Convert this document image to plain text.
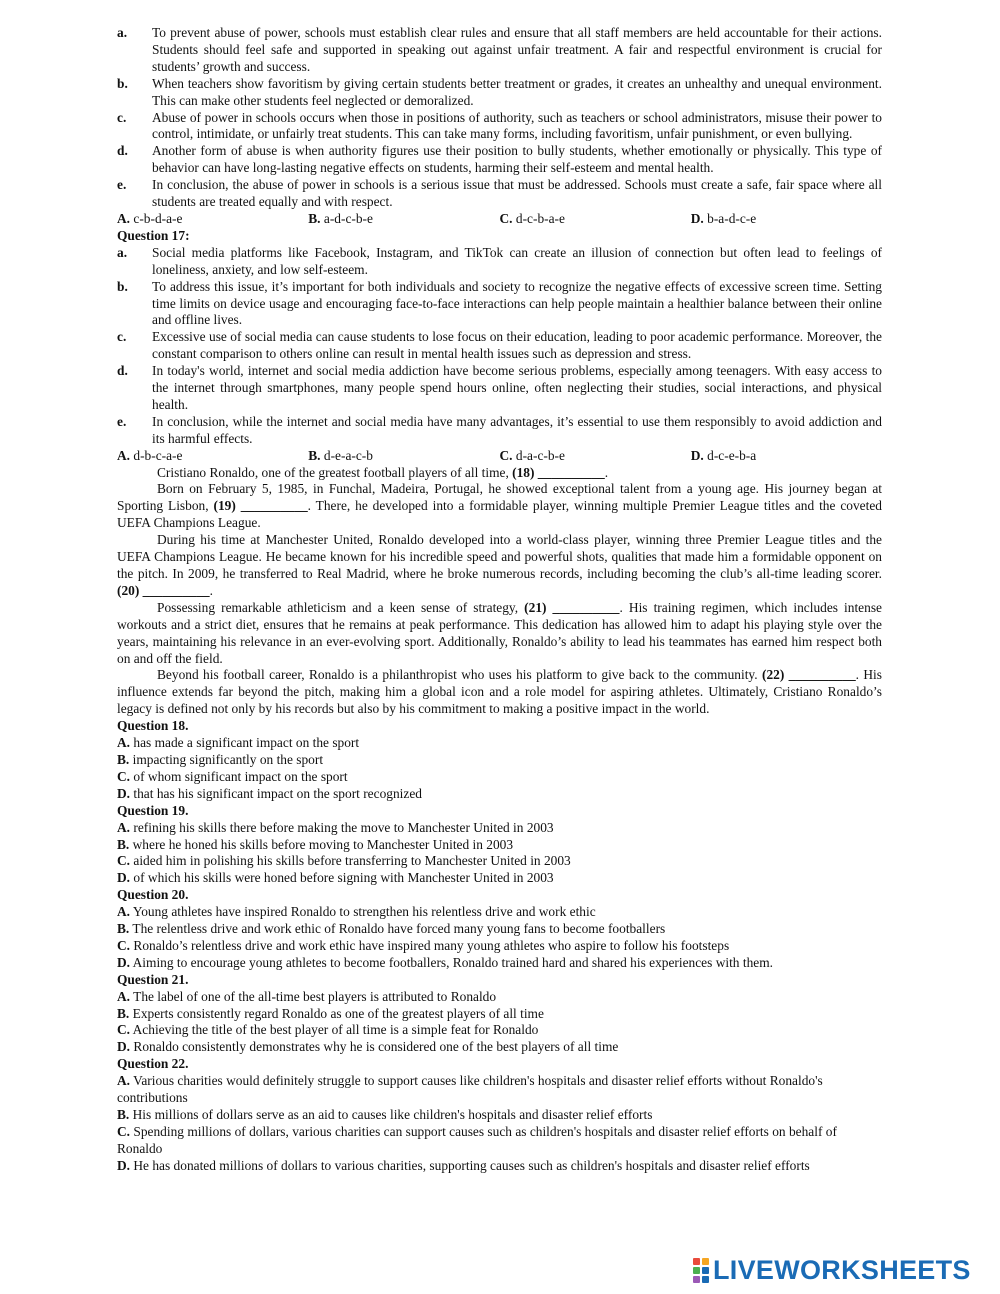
a.	To prevent abuse of power, schools must establish clear rules and ensure that all staff members are held accountable for their actions. Students should feel safe and supported in speaking out against unfair treatment. A fair and respectful environment is crucial for students’ growth and success.
b.	When teachers show favoritism by giving certain students better treatment or grades, it creates an unhealthy and unequal environment. This can make other students feel neglected or demoralized.
c.	Abuse of power in schools occurs when those in positions of authority, such as teachers or school administrators, misuse their power to control, intimidate, or unfairly treat students. This can take many forms, including favoritism, unfair punishment, or even bullying.
d.	Another form of abuse is when authority figures use their position to bully students, whether emotionally or physically. This type of behavior can have long-lasting negative effects on students, harming their self-esteem and mental health.
e.	In conclusion, the abuse of power in schools is a serious issue that must be addressed. Schools must create a safe, fair space where all students are treated equally and with respect.
A. c-b-d-a-e	B. a-d-c-b-e	C. d-c-b-a-e	D. b-a-d-c-e
Question 17:
a.	Social media platforms like Facebook, Instagram, and TikTok can create an illusion of connection but often lead to feelings of loneliness, anxiety, and low self-esteem.
b.	To address this issue, it’s important for both individuals and society to recognize the negative effects of excessive screen time. Setting time limits on device usage and encouraging face-to-face interactions can help people maintain a healthier balance between their online and offline lives.
c.	Excessive use of social media can cause students to lose focus on their education, leading to poor academic performance. Moreover, the constant comparison to others online can result in mental health issues such as depression and stress.
d.	In today's world, internet and social media addiction have become serious problems, especially among teenagers. With easy access to the internet through smartphones, many people spend hours online, often neglecting their studies, social interactions, and physical health.
e.	In conclusion, while the internet and social media have many advantages, it’s essential to use them responsibly to avoid addiction and its harmful effects.
A. d-b-c-a-e	B. d-e-a-c-b	C. d-a-c-b-e	D. d-c-e-b-a
Cristiano Ronaldo, one of the greatest football players of all time, (18) __________.
Born on February 5, 1985, in Funchal, Madeira, Portugal, he showed exceptional talent from a young age. His journey began at Sporting Lisbon, (19) __________. There, he developed into a formidable player, winning multiple Premier League titles and the coveted UEFA Champions League.
During his time at Manchester United, Ronaldo developed into a world-class player, winning three Premier League titles and the UEFA Champions League. He became known for his incredible speed and powerful shots, qualities that made him a formidable opponent on the pitch. In 2009, he transferred to Real Madrid, where he broke numerous records, including becoming the club’s all-time leading scorer. (20) __________.
Possessing remarkable athleticism and a keen sense of strategy, (21) __________. His training regimen, which includes intense workouts and a strict diet, ensures that he remains at peak performance. This dedication has allowed him to adapt his playing style over the years, maintaining his relevance in an ever-evolving sport. Additionally, Ronaldo’s ability to lead his teammates has earned him respect both on and off the field.
Beyond his football career, Ronaldo is a philanthropist who uses his platform to give back to the community. (22) __________. His influence extends far beyond the pitch, making him a global icon and a role model for aspiring athletes. Ultimately, Cristiano Ronaldo’s legacy is defined not only by his records but also by his commitment to making a positive impact in the world.
Question 18.
A. has made a significant impact on the sport
B. impacting significantly on the sport
C. of whom significant impact on the sport
D. that has his significant impact on the sport recognized
Question 19.
A. refining his skills there before making the move to Manchester United in 2003
B. where he honed his skills before moving to Manchester United in 2003
C. aided him in polishing his skills before transferring to Manchester United in 2003
D. of which his skills were honed before signing with Manchester United in 2003
Question 20.
A. Young athletes have inspired Ronaldo to strengthen his relentless drive and work ethic
B. The relentless drive and work ethic of Ronaldo have forced many young fans to become footballers
C. Ronaldo’s relentless drive and work ethic have inspired many young athletes who aspire to follow his footsteps
D. Aiming to encourage young athletes to become footballers, Ronaldo trained hard and shared his experiences with them.
Question 21.
A. The label of one of the all-time best players is attributed to Ronaldo
B. Experts consistently regard Ronaldo as one of the greatest players of all time
C. Achieving the title of the best player of all time is a simple feat for Ronaldo
D. Ronaldo consistently demonstrates why he is considered one of the best players of all time
Question 22.
A. Various charities would definitely struggle to support causes like children's hospitals and disaster relief efforts without Ronaldo's contributions
B. His millions of dollars serve as an aid to causes like children's hospitals and disaster relief efforts
C. Spending millions of dollars, various charities can support causes such as children's hospitals and disaster relief efforts on behalf of Ronaldo
D. He has donated millions of dollars to various charities, supporting causes such as children's hospitals and disaster relief efforts
LIVEWORKSHEETS
